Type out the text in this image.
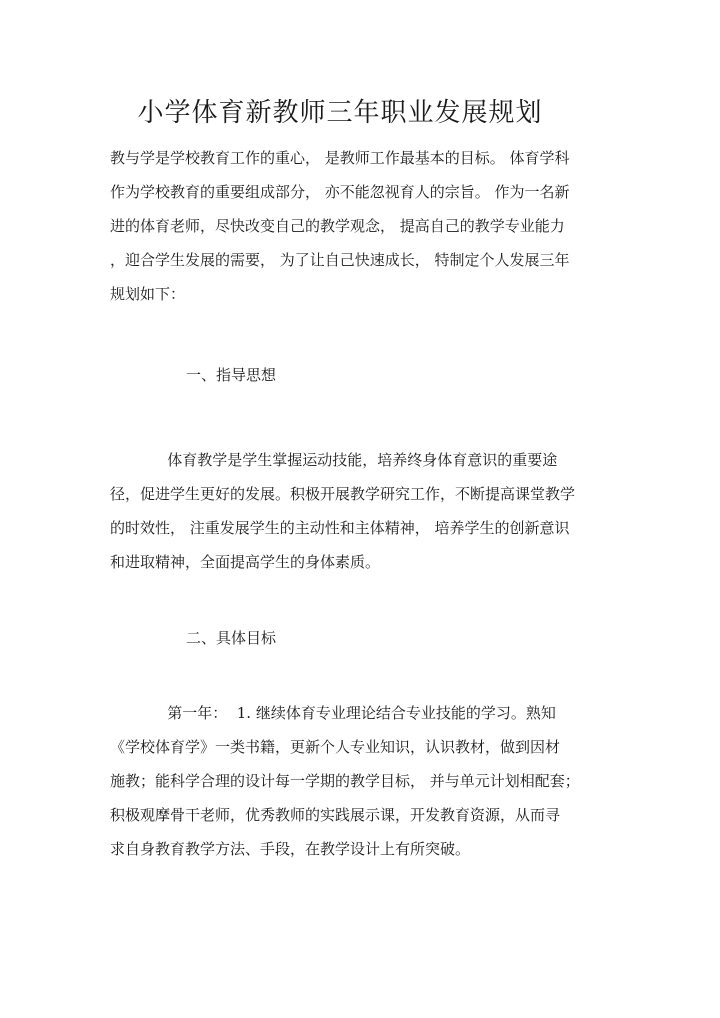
小学体育新教师三年职业发展规划
教与学是学校教育工作的重心， 是教师工作最基本的目标。 体育学科
作为学校教育的重要组成部分， 亦不能忽视育人的宗旨。 作为一名新
进的体育老师，尽快改变自己的教学观念， 提高自己的教学专业能力
，迎合学生发展的需要， 为了让自己快速成长， 特制定个人发展三年
规划如下：
一、指导思想
体育教学是学生掌握运动技能，培养终身体育意识的重要途
径，促进学生更好的发展。积极开展教学研究工作，不断提高课堂教学
的时效性， 注重发展学生的主动性和主体精神， 培养学生的创新意识
和进取精神，全面提高学生的身体素质。
二、具体目标
第一年：  1. 继续体育专业理论结合专业技能的学习。熟知
《学校体育学》一类书籍，更新个人专业知识，认识教材，做到因材
施教；能科学合理的设计每一学期的教学目标， 并与单元计划相配套；
积极观摩骨干老师，优秀教师的实践展示课，开发教育资源，从而寻
求自身教育教学方法、手段，在教学设计上有所突破。
